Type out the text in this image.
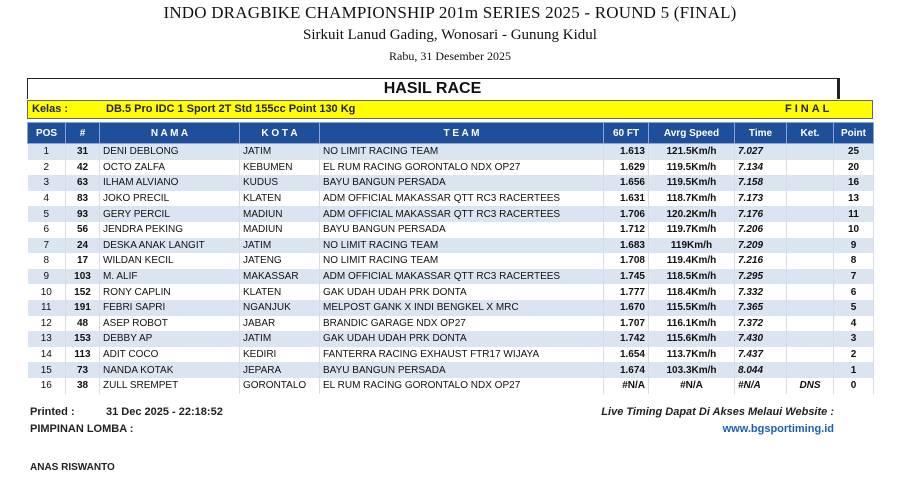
INDO DRAGBIKE CHAMPIONSHIP 201m SERIES 2025 - ROUND 5 (FINAL)
Sirkuit Lanud Gading, Wonosari - Gunung Kidul
Rabu, 31 Desember 2025
HASIL RACE
Kelas :	DB.5 Pro IDC 1 Sport 2T Std 155cc Point 130 Kg	FINAL
POS	#	N A M A	K O T A	T E A M	60 FT	Avrg Speed	Time	Ket.	Point
1	31	DENI DEBLONG	JATIM	NO LIMIT RACING TEAM	1.613	121.5Km/h	7.027		25
2	42	OCTO ZALFA	KEBUMEN	EL RUM RACING GORONTALO NDX OP27	1.629	119.5Km/h	7.134		20
3	63	ILHAM ALVIANO	KUDUS	BAYU BANGUN PERSADA	1.656	119.5Km/h	7.158		16
4	83	JOKO PRECIL	KLATEN	ADM OFFICIAL MAKASSAR QTT RC3 RACERTEES	1.631	118.7Km/h	7.173		13
5	93	GERY PERCIL	MADIUN	ADM OFFICIAL MAKASSAR QTT RC3 RACERTEES	1.706	120.2Km/h	7.176		11
6	56	JENDRA PEKING	MADIUN	BAYU BANGUN PERSADA	1.712	119.7Km/h	7.206		10
7	24	DESKA ANAK LANGIT	JATIM	NO LIMIT RACING TEAM	1.683	119Km/h	7.209		9
8	17	WILDAN KECIL	JATENG	NO LIMIT RACING TEAM	1.708	119.4Km/h	7.216		8
9	103	M. ALIF	MAKASSAR	ADM OFFICIAL MAKASSAR QTT RC3 RACERTEES	1.745	118.5Km/h	7.295		7
10	152	RONY CAPLIN	KLATEN	GAK UDAH UDAH PRK DONTA	1.777	118.4Km/h	7.332		6
11	191	FEBRI SAPRI	NGANJUK	MELPOST GANK X INDI BENGKEL X MRC	1.670	115.5Km/h	7.365		5
12	48	ASEP ROBOT	JABAR	BRANDIC GARAGE NDX OP27	1.707	116.1Km/h	7.372		4
13	153	DEBBY AP	JATIM	GAK UDAH UDAH PRK DONTA	1.742	115.6Km/h	7.430		3
14	113	ADIT COCO	KEDIRI	FANTERRA RACING EXHAUST FTR17 WIJAYA	1.654	113.7Km/h	7.437		2
15	73	NANDA KOTAK	JEPARA	BAYU BANGUN PERSADA	1.674	103.3Km/h	8.044		1
16	38	ZULL SREMPET	GORONTALO	EL RUM RACING GORONTALO NDX OP27	#N/A	#N/A	#N/A	DNS	0
Printed :	31 Dec 2025 - 22:18:52
PIMPINAN LOMBA :
Live Timing Dapat Di Akses Melaui Website :
www.bgsportiming.id
ANAS RISWANTO
